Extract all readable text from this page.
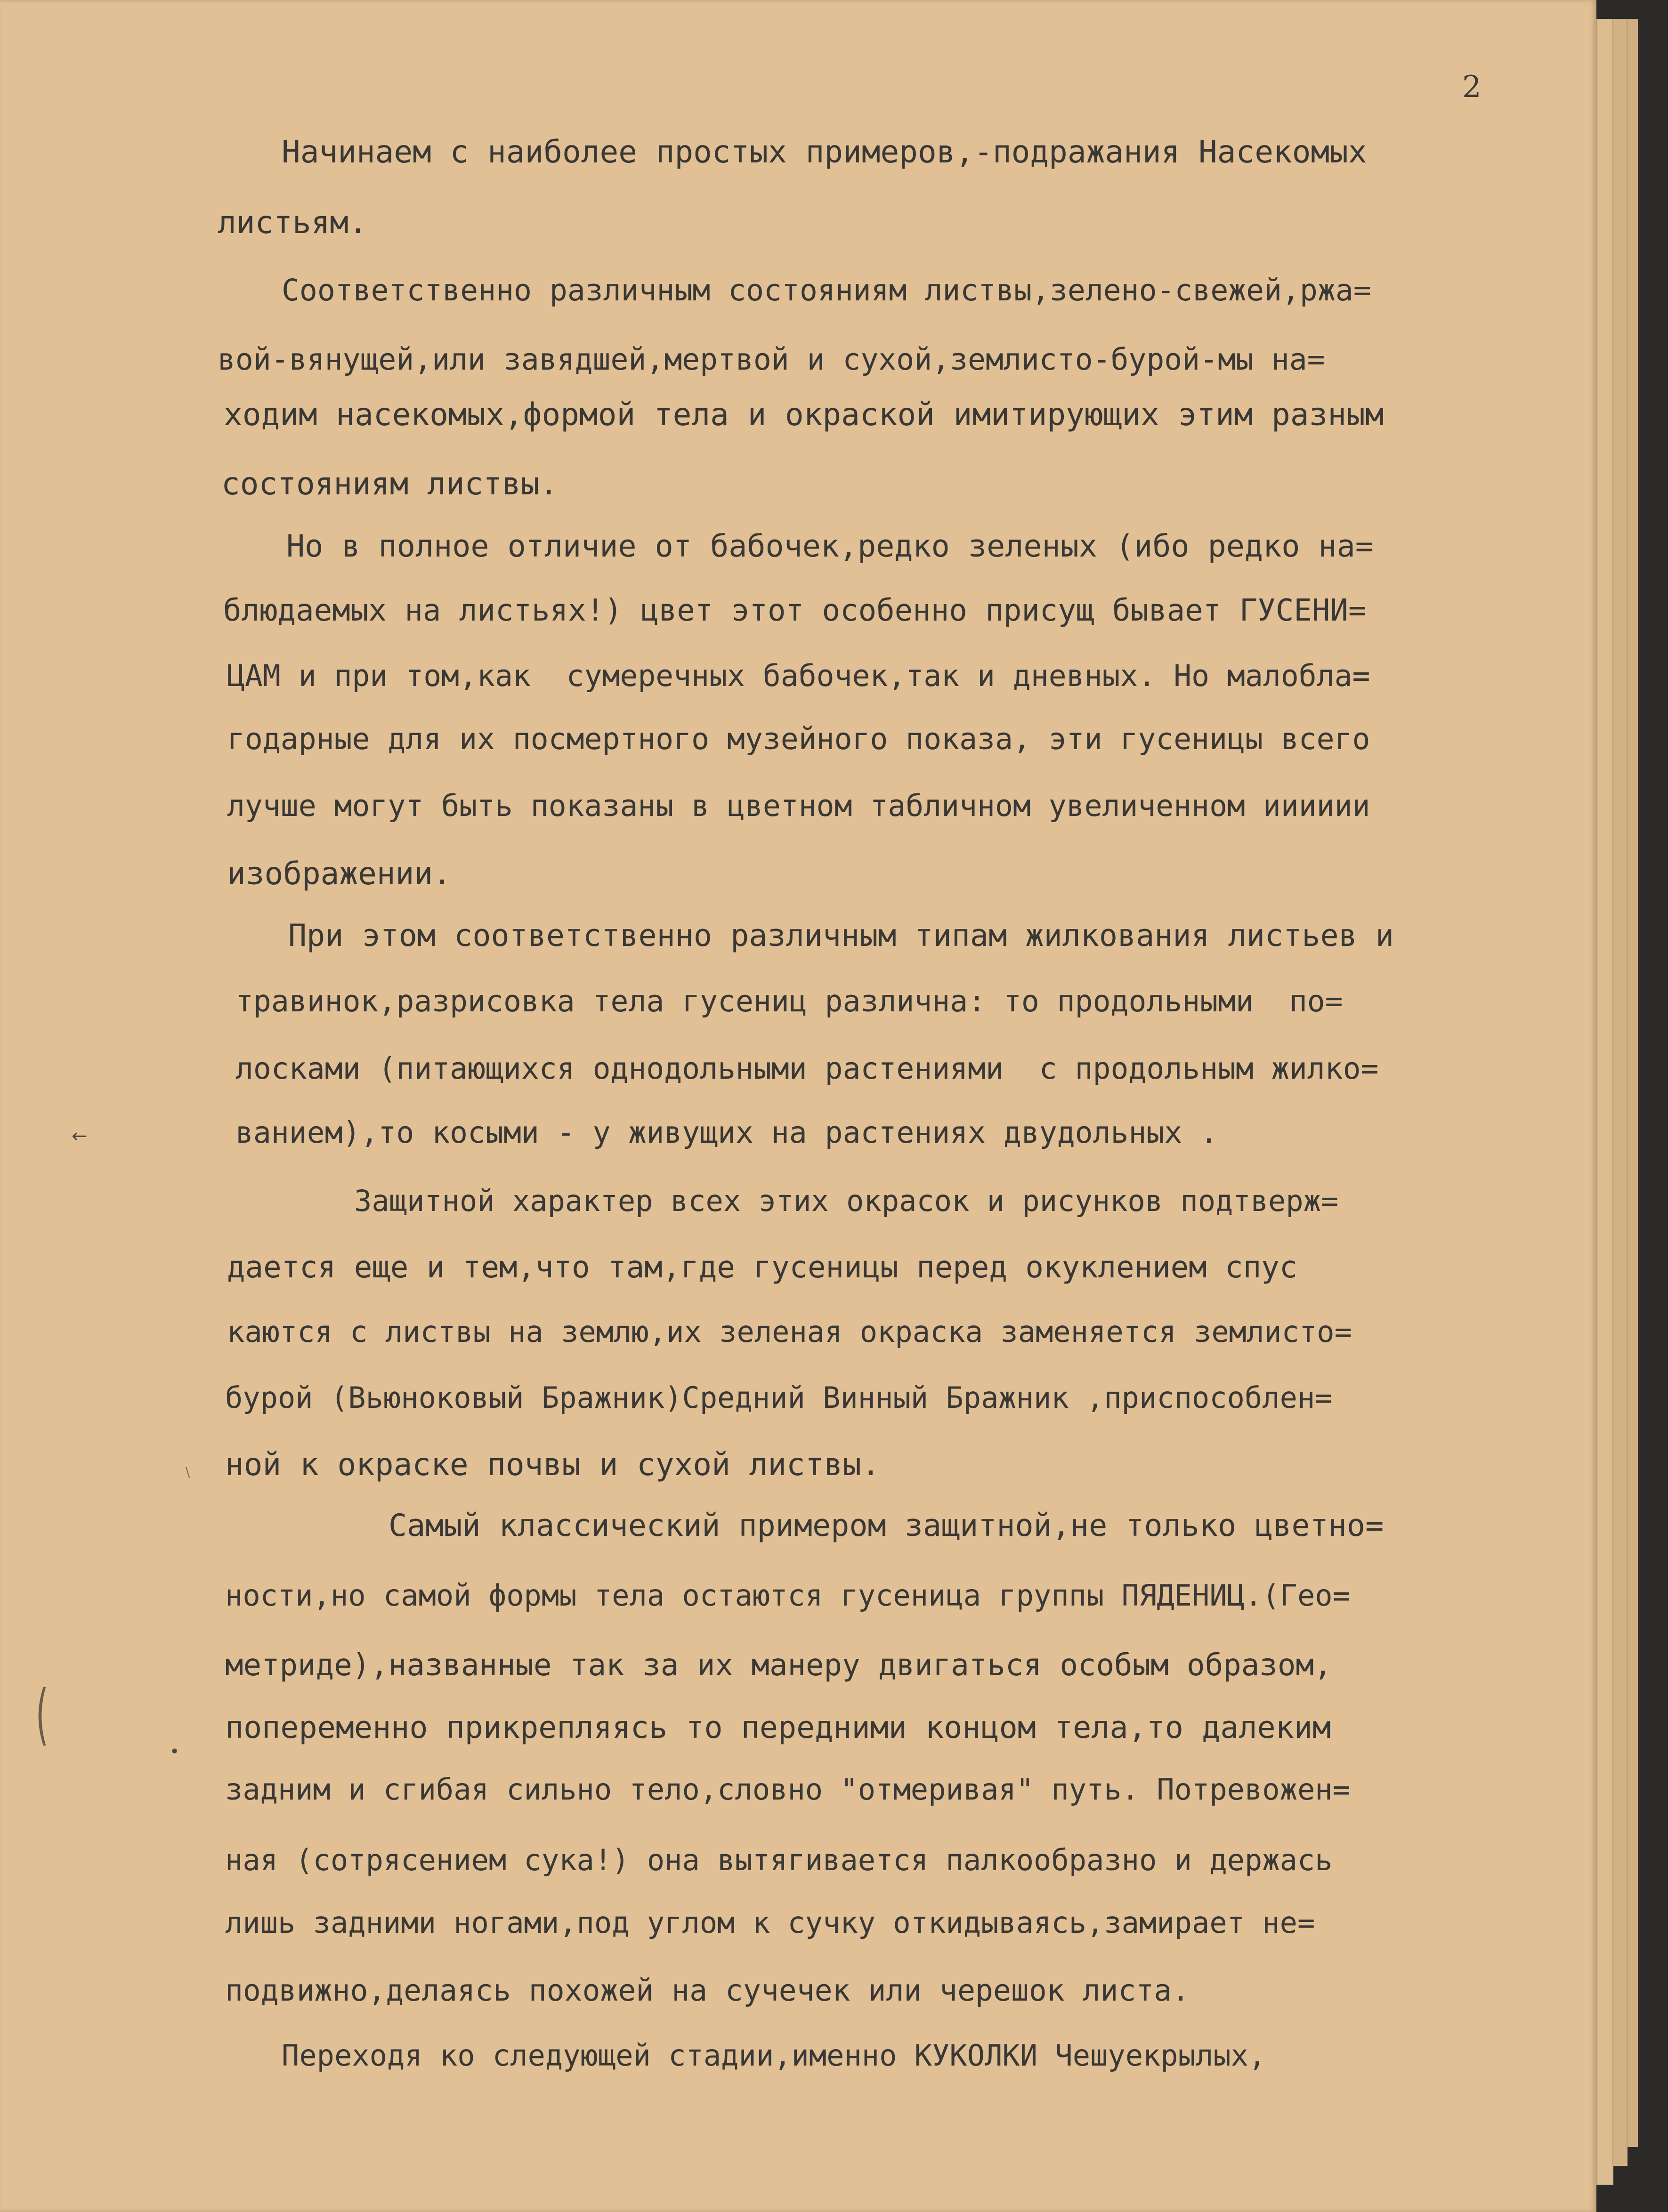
2
Начинаем с наиболее простых примеров,-подражания Насекомых
листьям.
Соответственно различным состояниям листвы,зелено-свежей,ржа=
вой-вянущей,или завядшей,мертвой и сухой,землисто-бурой-мы на=
ходим насекомых,формой тела и окраской имитирующих этим разным
состояниям листвы.
Но в полное отличие от бабочек,редко зеленых (ибо редко на=
блюдаемых на листьях!) цвет этот особенно присущ бывает ГУСЕНИ=
ЦАМ и при том,как  сумеречных бабочек,так и дневных. Но малобла=
годарные для их посмертного музейного показа, эти гусеницы всего
лучше могут быть показаны в цветном табличном увеличенном ииииии
изображении.
При этом соответственно различным типам жилкования листьев и
травинок,разрисовка тела гусениц различна: то продольными  по=
лосками (питающихся однодольными растениями  с продольным жилко=
ванием),то косыми - у живущих на растениях двудольных .
Защитной характер всех этих окрасок и рисунков подтверж=
дается еще и тем,что там,где гусеницы перед окуклением спус
каются с листвы на землю,их зеленая окраска заменяется землисто=
бурой (Вьюноковый Бражник)Средний Винный Бражник ,приспособлен=
ной к окраске почвы и сухой листвы.
Самый классический примером защитной,не только цветно=
ности,но самой формы тела остаются гусеница группы ПЯДЕНИЦ.(Гео=
метриде),названные так за их манеру двигаться особым образом,
попеременно прикрепляясь то передними концом тела,то далеким
задним и сгибая сильно тело,словно "отмеривая" путь. Потревожен=
ная (сотрясением сука!) она вытягивается палкообразно и держась
лишь задними ногами,под углом к сучку откидываясь,замирает не=
подвижно,делаясь похожей на сучечек или черешок листа.
Переходя ко следующей стадии,именно КУКОЛКИ Чешуекрылых,
←
(	•
\
